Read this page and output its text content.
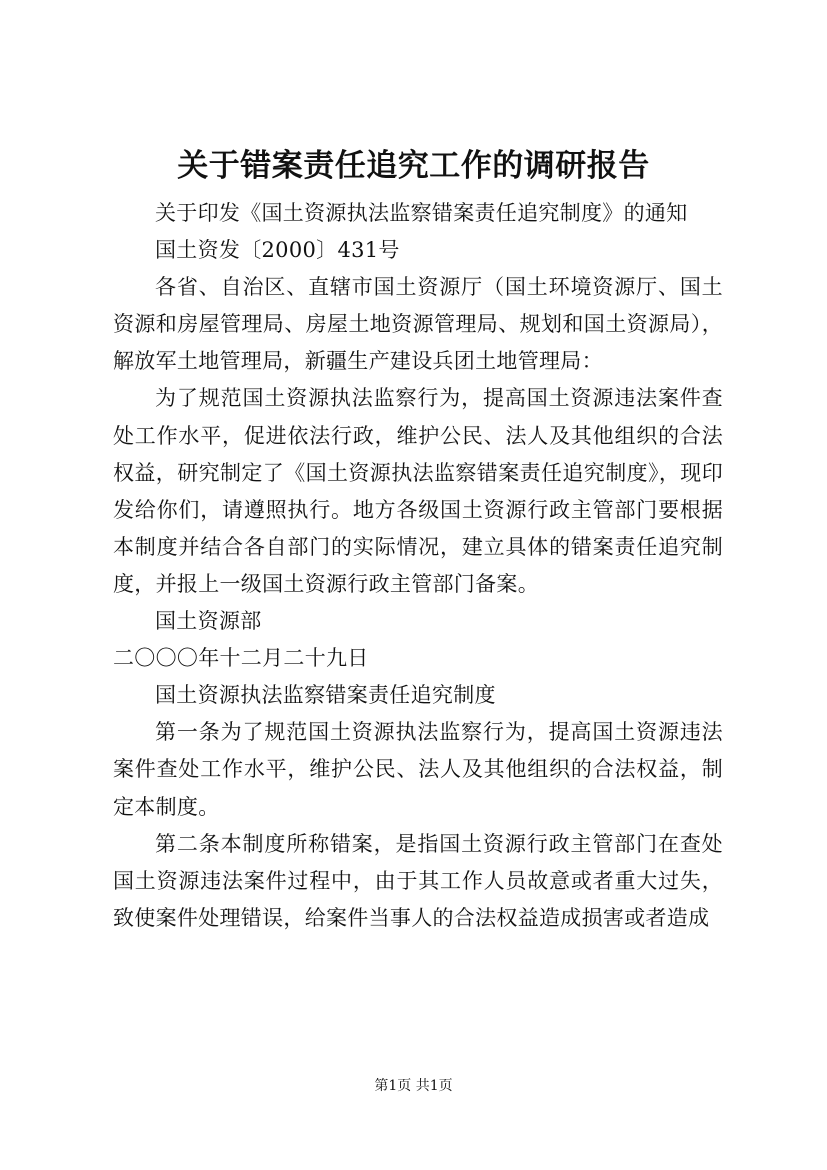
关于错案责任追究工作的调研报告

关于印发《国土资源执法监察错案责任追究制度》的通知

国土资发〔2000〕431号

各省、自治区、直辖市国土资源厅（国土环境资源厅、国土资源和房屋管理局、房屋土地资源管理局、规划和国土资源局），解放军土地管理局，新疆生产建设兵团土地管理局：

为了规范国土资源执法监察行为，提高国土资源违法案件查处工作水平，促进依法行政，维护公民、法人及其他组织的合法权益，研究制定了《国土资源执法监察错案责任追究制度》，现印发给你们，请遵照执行。地方各级国土资源行政主管部门要根据本制度并结合各自部门的实际情况，建立具体的错案责任追究制度，并报上一级国土资源行政主管部门备案。

国土资源部

二〇〇〇年十二月二十九日

国土资源执法监察错案责任追究制度

第一条为了规范国土资源执法监察行为，提高国土资源违法案件查处工作水平，维护公民、法人及其他组织的合法权益，制定本制度。

第二条本制度所称错案，是指国土资源行政主管部门在查处国土资源违法案件过程中，由于其工作人员故意或者重大过失，致使案件处理错误，给案件当事人的合法权益造成损害或者造成

第1页 共1页
